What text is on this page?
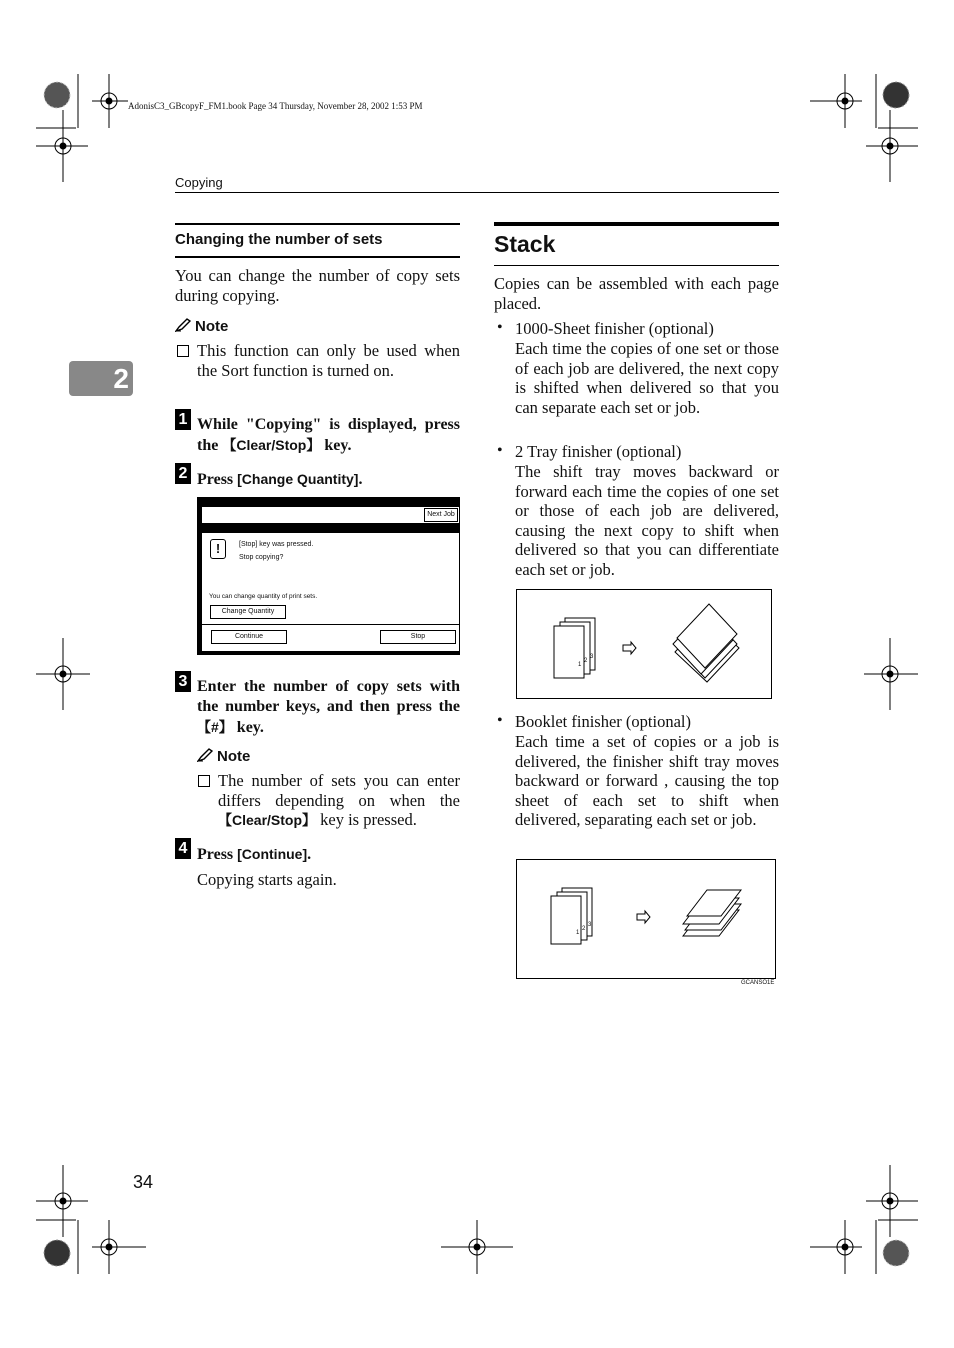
AdonisC3_GBcopyF_FM1.book Page 34 Thursday, November 28, 2002 1:53 PM
Copying
2
Changing the number of sets
You can change the number of copy sets during copying.
Note
This function can only be used when the Sort function is turned on.
1 While "Copying" is displayed, press the 【Clear/Stop】 key.
2 Press [Change Quantity].
Next Job
!	[Stop] key was pressed.
Stop copying?
You can change quantity of print sets.
Change Quantity
Continue	Stop
3 Enter the number of copy sets with the number keys, and then press the 【#】 key.
Note
The number of sets you can enter differs depending on when the 【Clear/Stop】 key is pressed.
4 Press [Continue].
Copying starts again.
Stack
Copies can be assembled with each page placed.
• 1000-Sheet finisher (optional)
Each time the copies of one set or those of each job are delivered, the next copy is shifted when delivered so that you can separate each set or job.
• 2 Tray finisher (optional)
The shift tray moves backward or forward each time the copies of one set or those of each job are delivered, causing the next copy to shift when delivered so that you can differentiate each set or job.
1
2
3
• Booklet finisher (optional)
Each time a set of copies or a job is delivered, the finisher shift tray moves backward or forward , causing the top sheet of each set to shift when delivered, separating each set or job.
1
2
3
GCANSO1E
34
